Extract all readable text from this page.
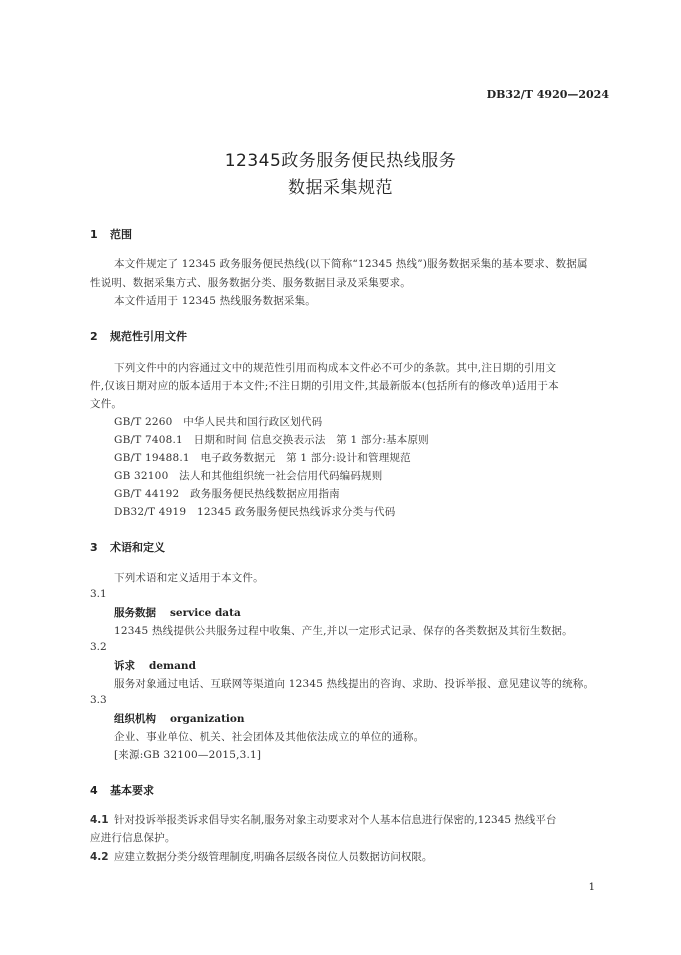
DB32/T 4920—2024
12345政务服务便民热线服务
数据采集规范
1 范围
本文件规定了 12345 政务服务便民热线(以下简称“12345 热线”)服务数据采集的基本要求、数据属
性说明、数据采集方式、服务数据分类、服务数据目录及采集要求。
本文件适用于 12345 热线服务数据采集。
2 规范性引用文件
下列文件中的内容通过文中的规范性引用而构成本文件必不可少的条款。其中,注日期的引用文
件,仅该日期对应的版本适用于本文件;不注日期的引用文件,其最新版本(包括所有的修改单)适用于本
文件。
GB/T 2260　中华人民共和国行政区划代码
GB/T 7408.1　日期和时间 信息交换表示法　第 1 部分:基本原则
GB/T 19488.1　电子政务数据元　第 1 部分:设计和管理规范
GB 32100　法人和其他组织统一社会信用代码编码规则
GB/T 44192　政务服务便民热线数据应用指南
DB32/T 4919　12345 政务服务便民热线诉求分类与代码
3 术语和定义
下列术语和定义适用于本文件。
3.1
服务数据 service data
12345 热线提供公共服务过程中收集、产生,并以一定形式记录、保存的各类数据及其衍生数据。
3.2
诉求 demand
服务对象通过电话、互联网等渠道向 12345 热线提出的咨询、求助、投诉举报、意见建议等的统称。
3.3
组织机构 organization
企业、事业单位、机关、社会团体及其他依法成立的单位的通称。
[来源:GB 32100—2015,3.1]
4 基本要求
4.1 针对投诉举报类诉求倡导实名制,服务对象主动要求对个人基本信息进行保密的,12345 热线平台
应进行信息保护。
4.2 应建立数据分类分级管理制度,明确各层级各岗位人员数据访问权限。
1
